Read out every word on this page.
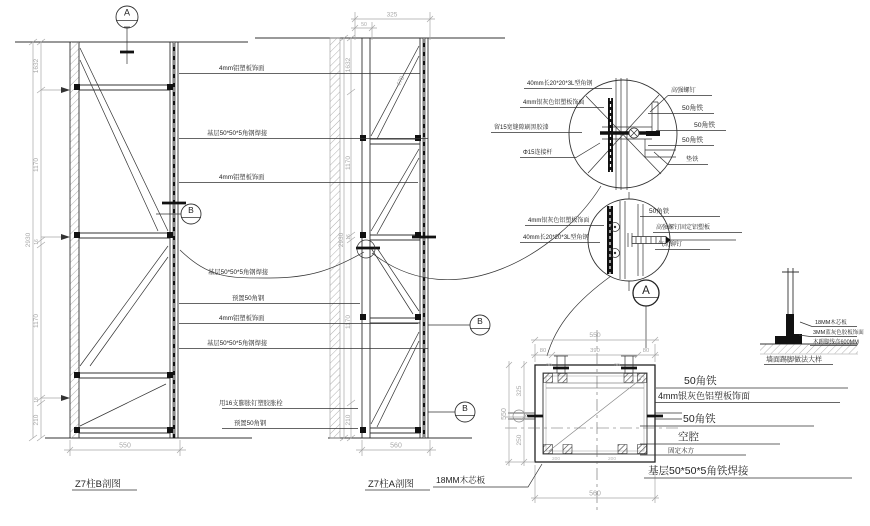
2930
1632
1170
16
1170
18
210
550
Z7柱B剖图
2930
1632
1170
16
1170
210
325
50
470
560
Z7柱A剖图
4mm铝塑板饰面
基层50*50*5角钢焊接
4mm铝塑板饰面
基层50*50*5角钢焊接
预置50角钢
4mm铝塑板饰面
基层50*50*5角钢焊接
用16支膨胀钉塑胶胀栓
预置50角钢
A
B
B
B
A
40mm长20*20*3L型角钢
4mm银灰色铝塑板饰面
留15宽缝隙刷黑胶漆
Φ15连接杆
高强螺钉
50角铁
50角铁
50角铁
垫铁
4mm银灰色铝塑板饰面
40mm长20*20*3L型角钢
50角铁
高强螺钉固定铝塑板
气动铆钉
550
80	390	80
325
250
550
560
200	200
50	50
50角铁
4mm银灰色铝塑板饰面
50角铁
空腔
固定木方
基层50*50*5角铁焊接
18MM木芯板
18MM木芯板
3MM蓝灰色胶板饰面
木踢脚线高600MM
墙面踢脚做法大样
